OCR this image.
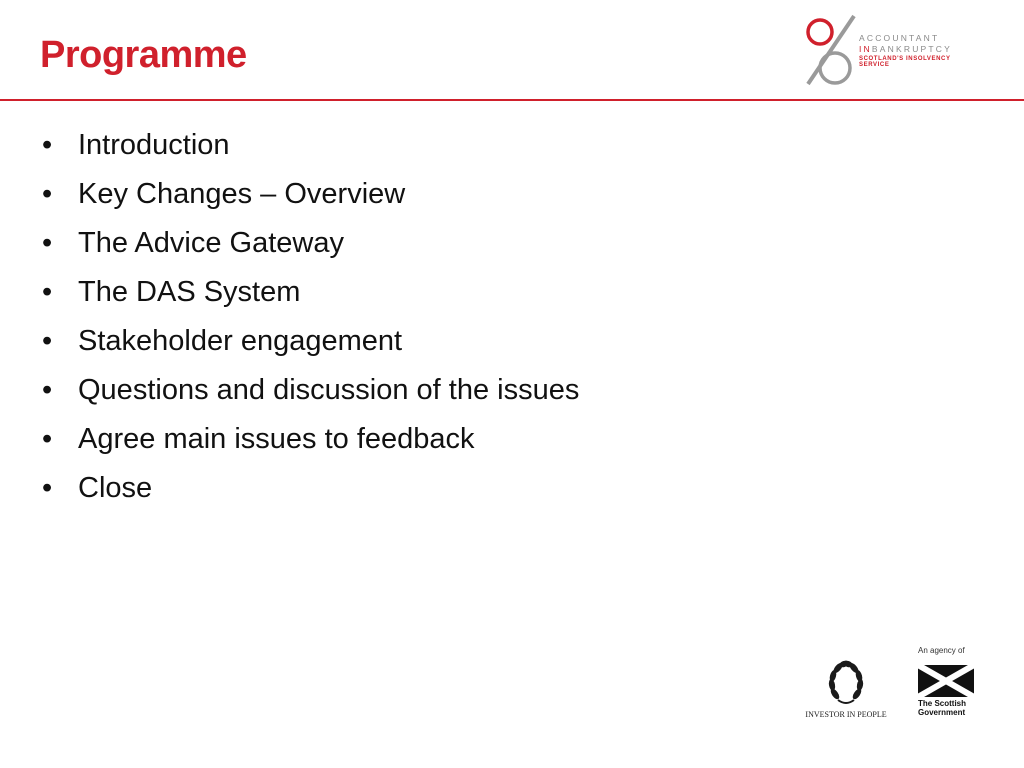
Programme	ACCOUNTANT
INBANKRUPTCY
SCOTLAND'S INSOLVENCY SERVICE
• Introduction
• Key Changes – Overview
• The Advice Gateway
• The DAS System
• Stakeholder engagement
• Questions and discussion of the issues
• Agree main issues to feedback
• Close
INVESTOR IN PEOPLE
An agency of
The Scottish
Government
